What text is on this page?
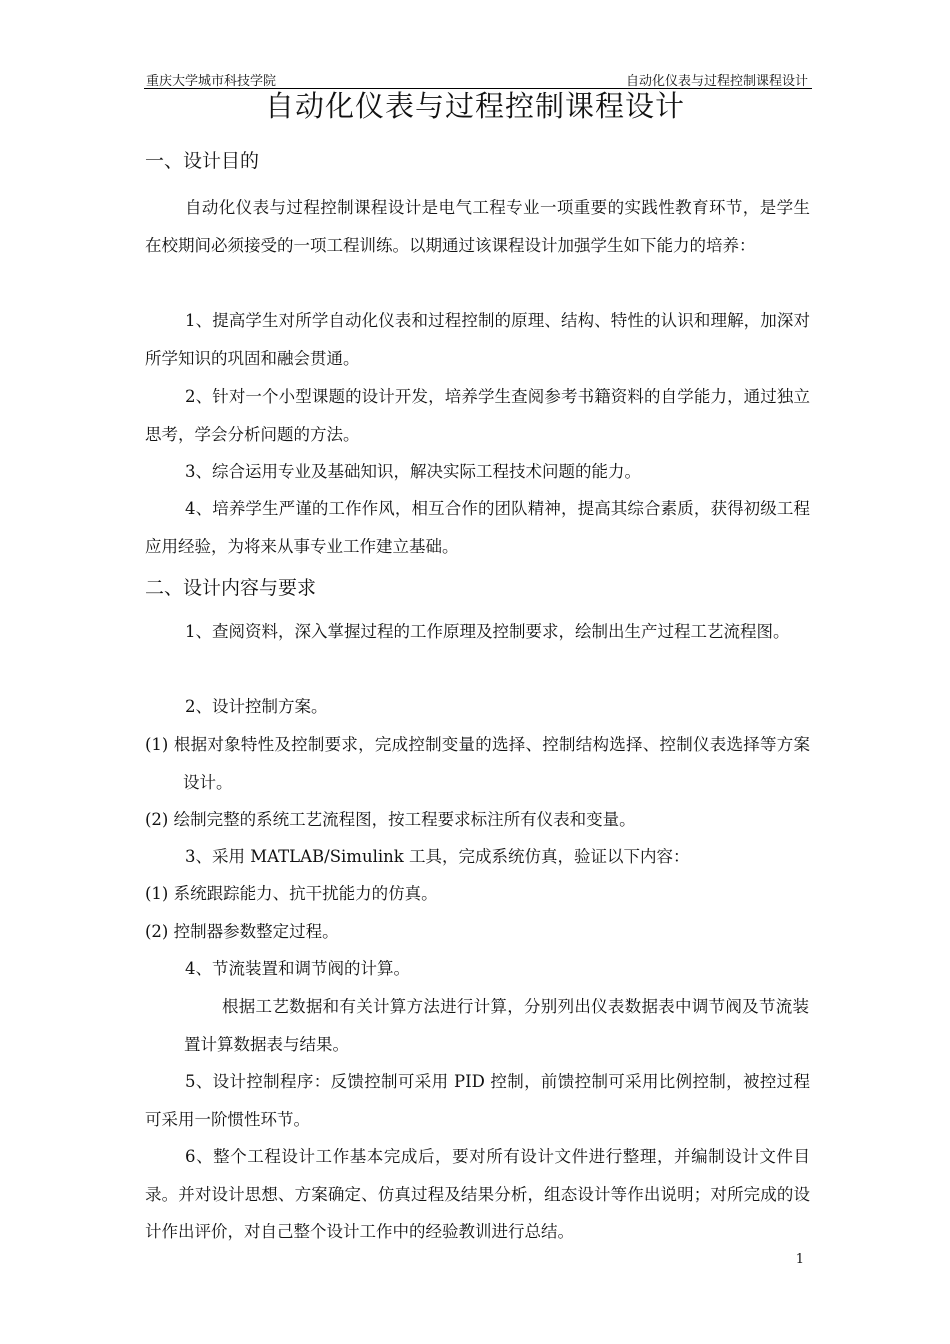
重庆大学城市科技学院	自动化仪表与过程控制课程设计
自动化仪表与过程控制课程设计
一、设计目的

自动化仪表与过程控制课程设计是电气工程专业一项重要的实践性教育环节，是学生在校期间必须接受的一项工程训练。以期通过该课程设计加强学生如下能力的培养：

1、提高学生对所学自动化仪表和过程控制的原理、结构、特性的认识和理解，加深对所学知识的巩固和融会贯通。

2、针对一个小型课题的设计开发，培养学生查阅参考书籍资料的自学能力，通过独立思考，学会分析问题的方法。

3、综合运用专业及基础知识，解决实际工程技术问题的能力。

4、培养学生严谨的工作作风，相互合作的团队精神，提高其综合素质，获得初级工程应用经验，为将来从事专业工作建立基础。

二、设计内容与要求

1、查阅资料，深入掌握过程的工作原理及控制要求，绘制出生产过程工艺流程图。

2、设计控制方案。

(1) 根据对象特性及控制要求，完成控制变量的选择、控制结构选择、控制仪表选择等方案设计。

(2) 绘制完整的系统工艺流程图，按工程要求标注所有仪表和变量。

3、采用 MATLAB/Simulink 工具，完成系统仿真，验证以下内容：

(1) 系统跟踪能力、抗干扰能力的仿真。

(2) 控制器参数整定过程。

4、节流装置和调节阀的计算。

根据工艺数据和有关计算方法进行计算，分别列出仪表数据表中调节阀及节流装置计算数据表与结果。

5、设计控制程序：反馈控制可采用 PID 控制，前馈控制可采用比例控制，被控过程可采用一阶惯性环节。

6、整个工程设计工作基本完成后，要对所有设计文件进行整理，并编制设计文件目录。并对设计思想、方案确定、仿真过程及结果分析，组态设计等作出说明；对所完成的设计作出评价，对自己整个设计工作中的经验教训进行总结。

1
